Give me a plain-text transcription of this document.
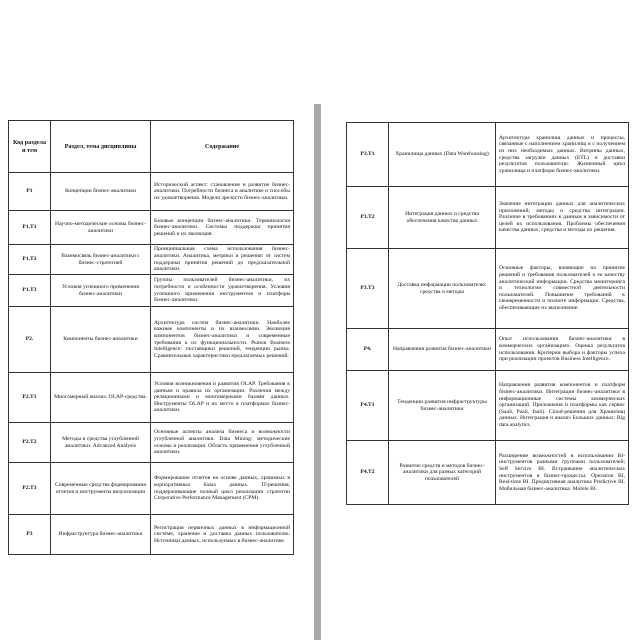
Код раздела и тем	Раздел, тема дисциплины	Содержание
P1	Концепции бизнес-аналитики	Исторический аспект: становление и развитие бизнес-аналитики. Потребности бизнеса в аналитике и способы их удовлетворения. Модели зрелости бизнес-аналитики.
P1.T1	Научно-методические основы бизнес-аналитики	Базовые концепции бизнес-аналитики. Терминология бизнес-аналитики. Системы поддержки принятия решений и их эволюция.
P1.T2	Взаимосвязь бизнес-аналитики с бизнес-стратегией	Принципиальная схема использования бизнес-аналитики. Аналитика, метрики и решения: от систем поддержки принятия решений до предсказательной аналитики.
P1.T3	Условия успешного применения бизнес-аналитики	Группы пользователей бизнес-аналитики, их потребности и особенности удовлетворения. Условия успешного применения инструментов и платформ бизнес-аналитики.
P2.	Компоненты бизнес-аналитики	Архитектура систем бизнес-аналитики. Наиболее важные компоненты и их взаимосвязи. Эволюция компонентов бизнес-аналитики и современные требования к их функциональности. Рынок Business Intelligence: поставщики решений, тенденции рынка. Сравнительные характеристики предлагаемых решений.
P2.T1	Многомерный анализ. OLAP-средства.	Условия возникновения и развития OLAP. Требования к данным и правила их организации. Различия между реляционными и многомерными базами данных. Инструменты OLAP и их место в платформах бизнес-аналитики.
P2.T2	Методы и средства углубленной аналитики. Advanced Analysis	Основные аспекты анализа бизнеса и возможности углубленной аналитики. Data Mining: методические основы и реализация. Область применения углубленной аналитики.
P2.T3	Современные средства формирования отчетов и инструменты визуализации	Формирование отчетов на основе данных, хранимых в корпоративных базах данных. IT-решения, поддерживающие полный цикл реализации стратегии Corporative Performance Management (CPM).
P3	Инфраструктура бизнес-аналитики	Регистрация первичных данных в информационной системе, хранение и доставка данных пользователю. Источники данных, используемых в бизнес-аналитике.
P3.T1	Хранилища данных (Data Warehousing)	Архитектура хранилищ данных и процессы, связанные с наполнением хранилищ и с получением из них необходимых данных. Витрины данных, средства загрузки данных (ETL) и доставки результатов пользователю. Жизненный цикл хранилища и платформ бизнес-аналитики.
P3.T2	Интеграция данных и средства обеспечения качества данных	Значение интеграции данных для аналитических приложений; методы и средства интеграции. Различие в требованиях к данным в зависимости от целей их использования. Проблемы обеспечения качества данных, средства и методы их решения.
P3.T3	Доставка информации пользователю: средства и методы	Основные факторы, влияющие на принятие решений и требования пользователей к ее качеству аналитической информации. Средства мониторинга и технологии совместной деятельности пользователей. Повышение требований к своевременности и полноте информации. Средства, обеспечивающие их выполнение.
P4.	Направления развития бизнес-аналитики	Опыт использования бизнес-аналитики в коммерческих организациях. Оценка результатов использования. Критерии выбора и факторы успеха при реализации проектов Business Intelligence.
P4.T1	Тенденции развития инфраструктуры бизнес-аналитики	Направления развития компонентов и платформ бизнес-аналитики. Интеграция бизнес-аналитики в информационные системы коммерческих организаций. Приложения и платформы как сервис (SaaS, PaaS, IaaS). Cloud-решения для Хранилищ данных. Интеграция и анализ Больших данных: Big data analytics.
P4.T2	Развитие средств и методов бизнес-аналитики для разных категорий пользователей	Расширение возможностей в использовании BI-инструментов разными группами пользователей; Self Service BI. Встраивание аналитических инструментов в бизнес-процессы: Operation BI, Real-time BI. Предиктивная аналитика Predictive BI. Мобильная бизнес-аналитика: Mobile BI.
